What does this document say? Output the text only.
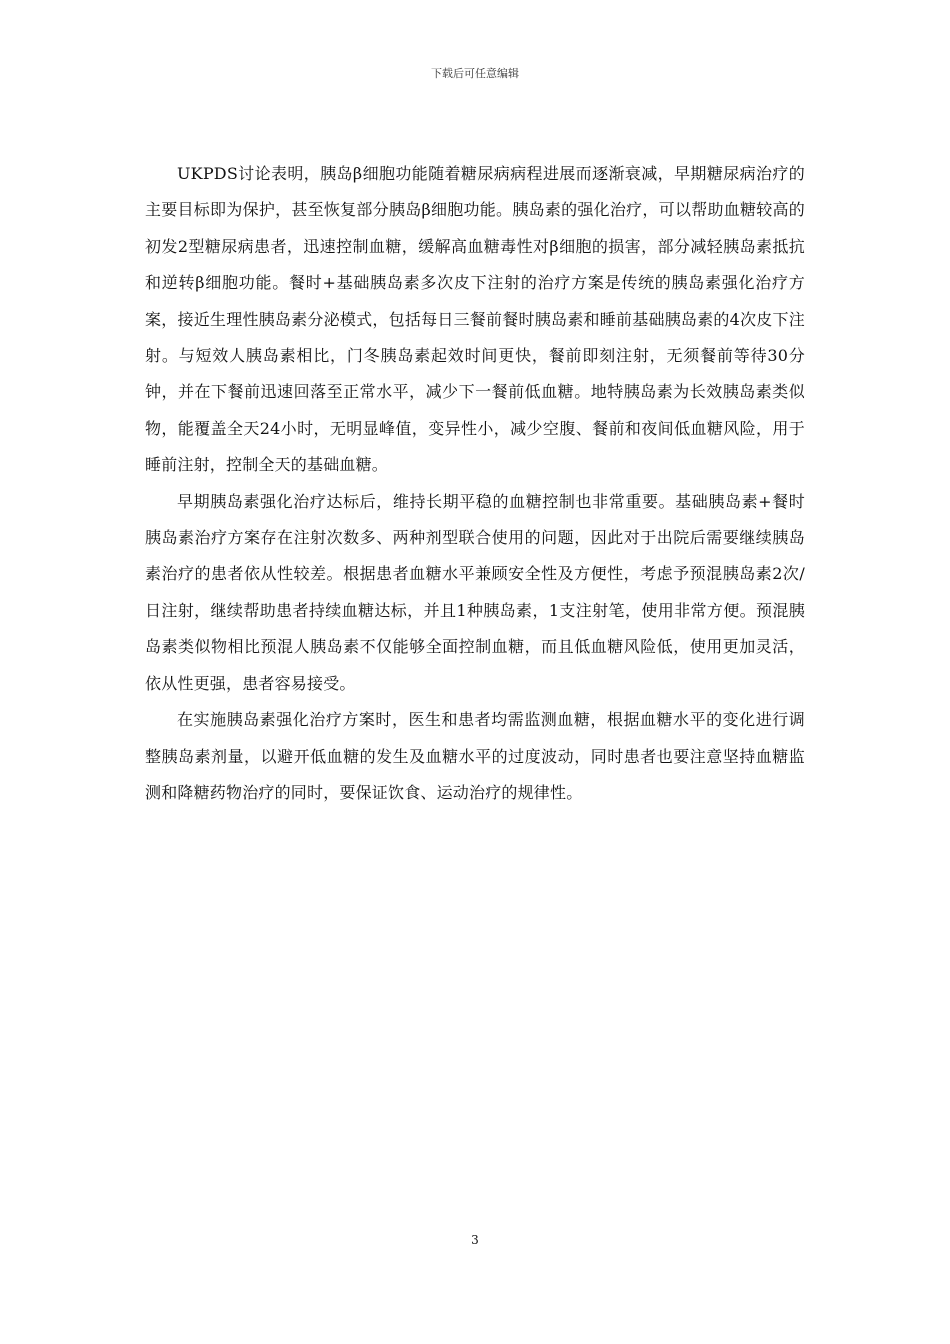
下载后可任意编辑

UKPDS讨论表明，胰岛β细胞功能随着糖尿病病程进展而逐渐衰减，早期糖尿病治疗的主要目标即为保护，甚至恢复部分胰岛β细胞功能。胰岛素的强化治疗，可以帮助血糖较高的初发2型糖尿病患者，迅速控制血糖，缓解高血糖毒性对β细胞的损害，部分减轻胰岛素抵抗和逆转β细胞功能。餐时+基础胰岛素多次皮下注射的治疗方案是传统的胰岛素强化治疗方案，接近生理性胰岛素分泌模式，包括每日三餐前餐时胰岛素和睡前基础胰岛素的4次皮下注射。与短效人胰岛素相比，门冬胰岛素起效时间更快，餐前即刻注射，无须餐前等待30分钟，并在下餐前迅速回落至正常水平，减少下一餐前低血糖。地特胰岛素为长效胰岛素类似物，能覆盖全天24小时，无明显峰值，变异性小，减少空腹、餐前和夜间低血糖风险，用于睡前注射，控制全天的基础血糖。

早期胰岛素强化治疗达标后，维持长期平稳的血糖控制也非常重要。基础胰岛素+餐时胰岛素治疗方案存在注射次数多、两种剂型联合使用的问题，因此对于出院后需要继续胰岛素治疗的患者依从性较差。根据患者血糖水平兼顾安全性及方便性，考虑予预混胰岛素2次/日注射，继续帮助患者持续血糖达标，并且1种胰岛素，1支注射笔，使用非常方便。预混胰岛素类似物相比预混人胰岛素不仅能够全面控制血糖，而且低血糖风险低，使用更加灵活，依从性更强，患者容易接受。

在实施胰岛素强化治疗方案时，医生和患者均需监测血糖，根据血糖水平的变化进行调整胰岛素剂量，以避开低血糖的发生及血糖水平的过度波动，同时患者也要注意坚持血糖监测和降糖药物治疗的同时，要保证饮食、运动治疗的规律性。

3
